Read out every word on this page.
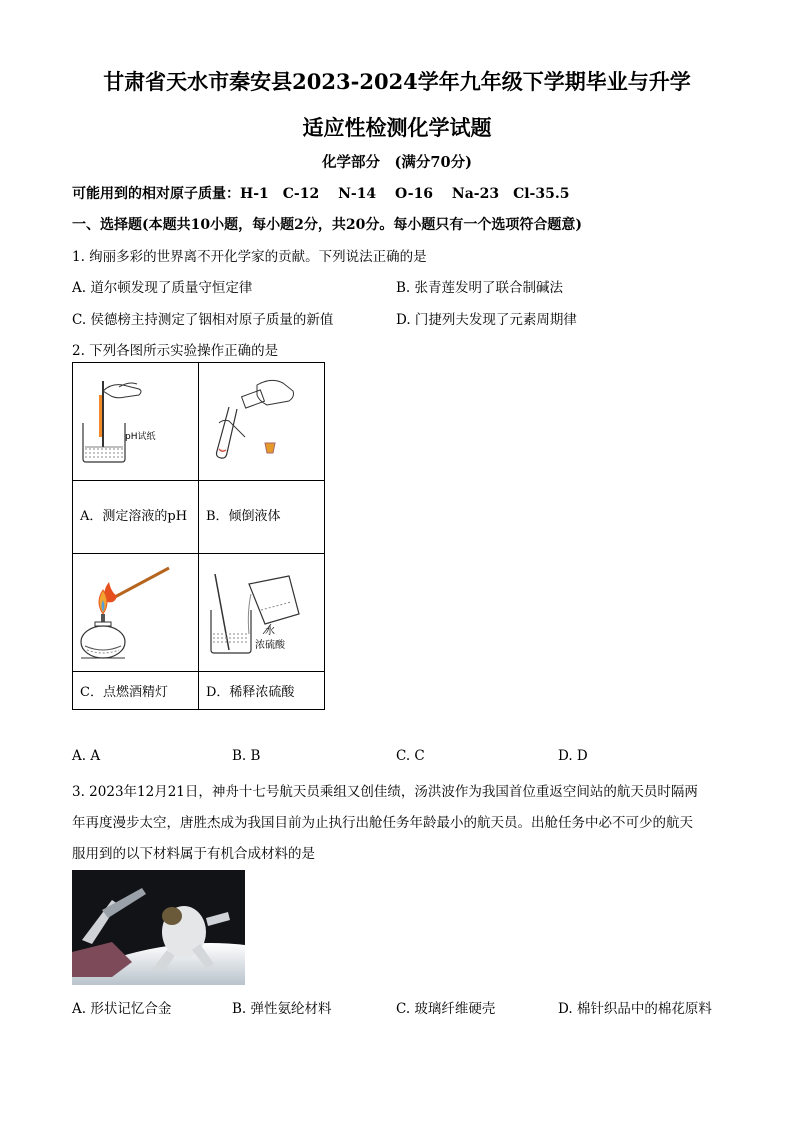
甘肃省天水市秦安县2023-2024学年九年级下学期毕业与升学
适应性检测化学试题
化学部分　(满分70分)
可能用到的相对原子质量：H-1　C-12　 N-14　 O-16　 Na-23　Cl-35.5
一、选择题(本题共10小题，每小题2分，共20分。每小题只有一个选项符合题意)
1. 绚丽多彩的世界离不开化学家的贡献。下列说法正确的是
A. 道尔顿发现了质量守恒定律	B. 张青莲发明了联合制碱法
C. 侯德榜主持测定了铟相对原子质量的新值	D. 门捷列夫发现了元素周期律
2. 下列各图所示实验操作正确的是
pH试纸

A．测定溶液的pH	B．倾倒液体

水
浓硫酸

C．点燃酒精灯	D．稀释浓硫酸
A. A	B. B	C. C	D. D
3. 2023年12月21日，神舟十七号航天员乘组又创佳绩，汤洪波作为我国首位重返空间站的航天员时隔两
年再度漫步太空，唐胜杰成为我国目前为止执行出舱任务年龄最小的航天员。出舱任务中必不可少的航天
服用到的以下材料属于有机合成材料的是
A. 形状记忆合金	B. 弹性氨纶材料	C. 玻璃纤维硬壳	D. 棉针织品中的棉花原料
